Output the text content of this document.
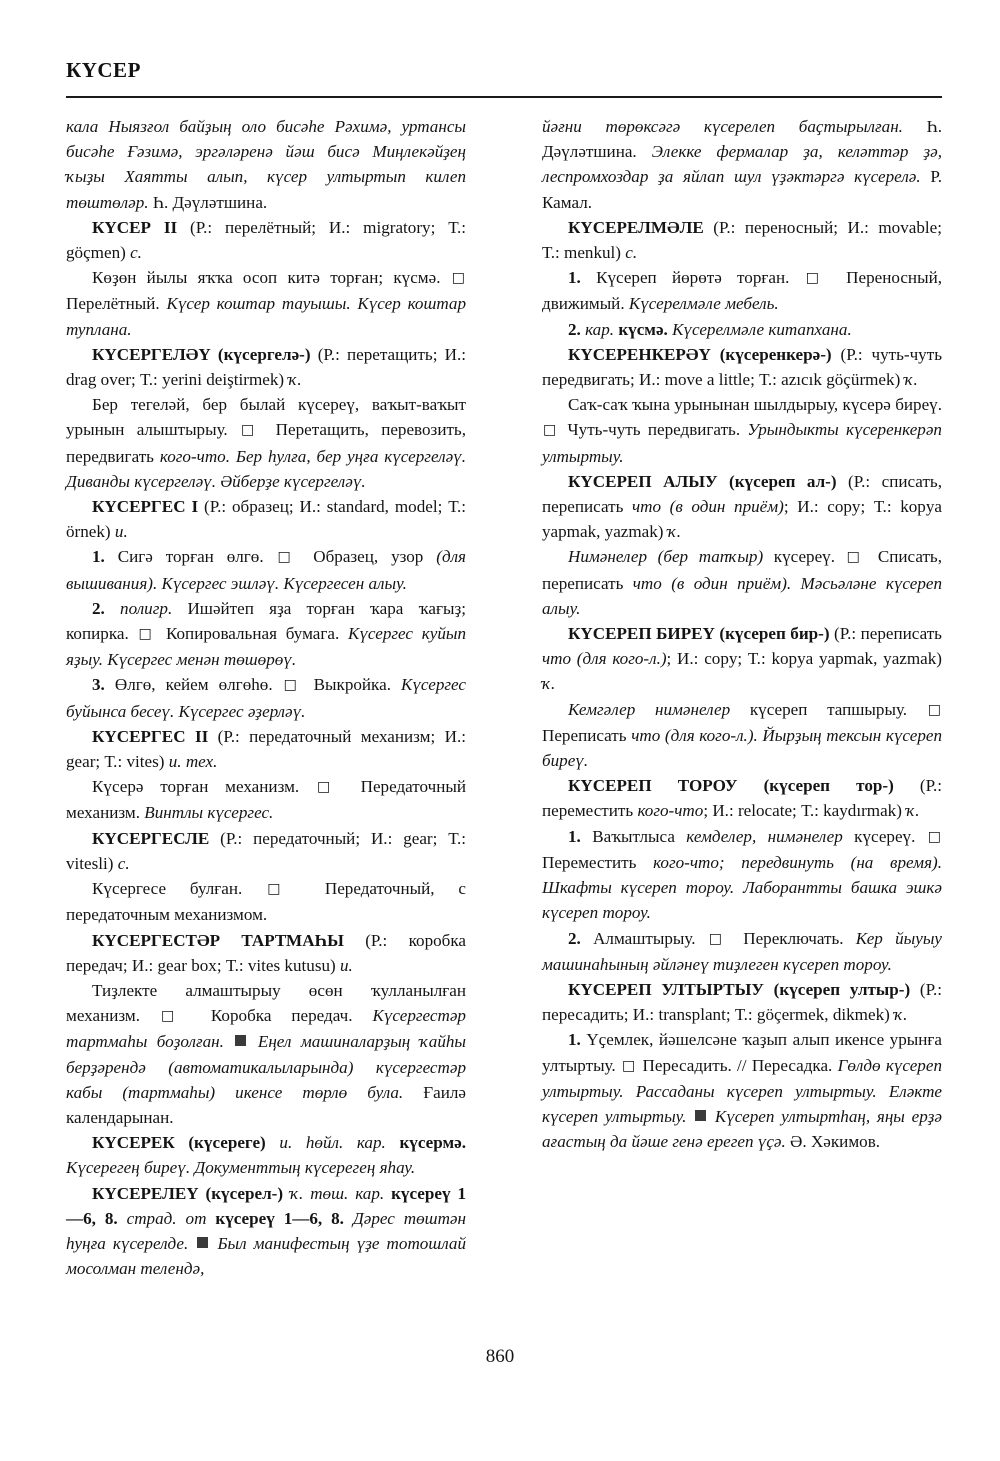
КҮСЕР

кала Ныязғол байҙың оло бисәһе Рәхимә, уртансы бисәһе Ғәзимә, эргәләренә йәш бисә Миңлекәйҙең ҡыҙы Хаятты алып, күсер ултыртып килеп төштөләр. Һ. Дәүләтшина.

КҮСЕР II (Р.: перелётный; И.: migratory; Т.: göçmen) с.

Көҙөн йылы яҡҡа осоп китә торған; күсмә. □ Перелётный. Күсер коштар тауышы. Күсер коштар туплана.

КҮСЕРГЕЛӘҮ (күсергелә-) (Р.: перетащить; И.: drag over; Т.: yerini deiştirmek) ҡ.

Бер тегеләй, бер былай күсереү, ваҡыт-ваҡыт урынын алыштырыу. □ Перетащить, перевозить, передвигать кого-что. Бер һулға, бер уңға күсергеләү. Диванды күсергеләү. Әйберҙе күсергеләү.

КҮСЕРГЕС I (Р.: образец; И.: standard, model; Т.: örnek) и.

1. Сигә торған өлгө. □ Образец, узор (для вышивания). Күсергес эшләү. Күсергесен алыу.

2. полигр. Ишәйтеп яҙа торған ҡара ҡағыҙ; копирка. □ Копировальная бумага. Күсергес куйып яҙыу. Күсергес менән төшөрөү.

3. Өлгө, кейем өлгөһө. □ Выкройка. Күсергес буйынса бесеү. Күсергес әҙерләү.

КҮСЕРГЕС II (Р.: передаточный механизм; И.: gear; Т.: vites) и. тех.

Күсерә торған механизм. □ Передаточный механизм. Винтлы күсергес.

КҮСЕРГЕСЛЕ (Р.: передаточный; И.: gear; Т.: vitesli) с.

Күсергесе булған. □ Передаточный, с передаточным механизмом.

КҮСЕРГЕСТӘР ТАРТМАҺЫ (Р.: коробка передач; И.: gear box; Т.: vites kutusu) и.

Тиҙлекте алмаштырыу өсөн ҡулланылған механизм. □ Коробка передач. Күсергестәр тартмаһы боҙолған.  Еңел машиналарҙың ҡайһы берҙәрендә (автоматикалыларында) күсергестәр кабы (тартмаһы) икенсе төрлө була. Ғаилә календарынан.

КҮСЕРЕК (күсереге) и. һөйл. кар. күсермә. Күсерегең биреү. Документтың күсерегең яһау.

КҮСЕРЕЛЕҮ (күсерел-) ҡ. төш. кар. күсереү 1—6, 8. страд. от күсереү 1—6, 8. Дәрес төштән һуңға күсерелде.  Был манифестың үҙе тотошлай мосолман телендә,

йәғни төрөксәгә күсерелеп баҫтырылған. Һ. Дәүләтшина. Элекке фермалар ҙа, келәттәр ҙә, леспромхоздар ҙа яйлап шул үҙәктәргә күсерелә. Р. Камал.

КҮСЕРЕЛМӘЛЕ (Р.: переносный; И.: movable; Т.: menkul) с.

1. Күсереп йөрөтә торған. □ Переносный, движимый. Күсерелмәле мебель.

2. кар. күсмә. Күсерелмәле китапхана.

КҮСЕРЕНКЕРӘҮ (күсеренкерә-) (Р.: чуть-чуть передвигать; И.: move a little; Т.: azıcık göçürmek) ҡ.

Саҡ-саҡ ҡына урынынан шылдырыу, күсерә биреү. □ Чуть-чуть передвигать. Урындыкты күсеренкерәп ултыртыу.

КҮСЕРЕП АЛЫУ (күсереп ал-) (Р.: списать, переписать что (в один приём); И.: copy; Т.: kopya yapmak, yazmak) ҡ.

Нимәнелер (бер тапҡыр) күсереү. □ Списать, переписать что (в один приём). Мәсьәләне күсереп алыу.

КҮСЕРЕП БИРЕҮ (күсереп бир-) (Р.: переписать что (для кого-л.); И.: copy; Т.: kopya yapmak, yazmak) ҡ.

Кемгәлер нимәнелер күсереп тапшырыу. □ Переписать что (для кого-л.). Йырҙың тексын күсереп биреү.

КҮСЕРЕП ТОРОУ (күсереп тор-) (Р.: переместить кого-что; И.: relocate; Т.: kaydırmak) ҡ.

1. Ваҡытлыса кемделер, нимәнелер күсереү. □ Переместить кого-что; передвинуть (на время). Шкафты күсереп тороу. Лаборантты башка эшкә күсереп тороу.

2. Алмаштырыу. □ Переключать. Кер йыуыу машинаһының әйләнеү тиҙлеген күсереп тороу.

КҮСЕРЕП УЛТЫРТЫУ (күсереп ултыр-) (Р.: пересадить; И.: transplant; Т.: göçermek, dikmek) ҡ.

1. Үҫемлек, йәшелсәне ҡаҙып алып икенсе урынға ултыртыу. □ Пересадить. // Пересадка. Гөлдө күсереп ултыртыу. Рассаданы күсереп ултыртыу. Еләкте күсереп ултыртыу.  Күсереп ултыртһаң, яңы ерҙә ағастың да йәше генә ерегеп үҫә. Ә. Хәкимов.

860
